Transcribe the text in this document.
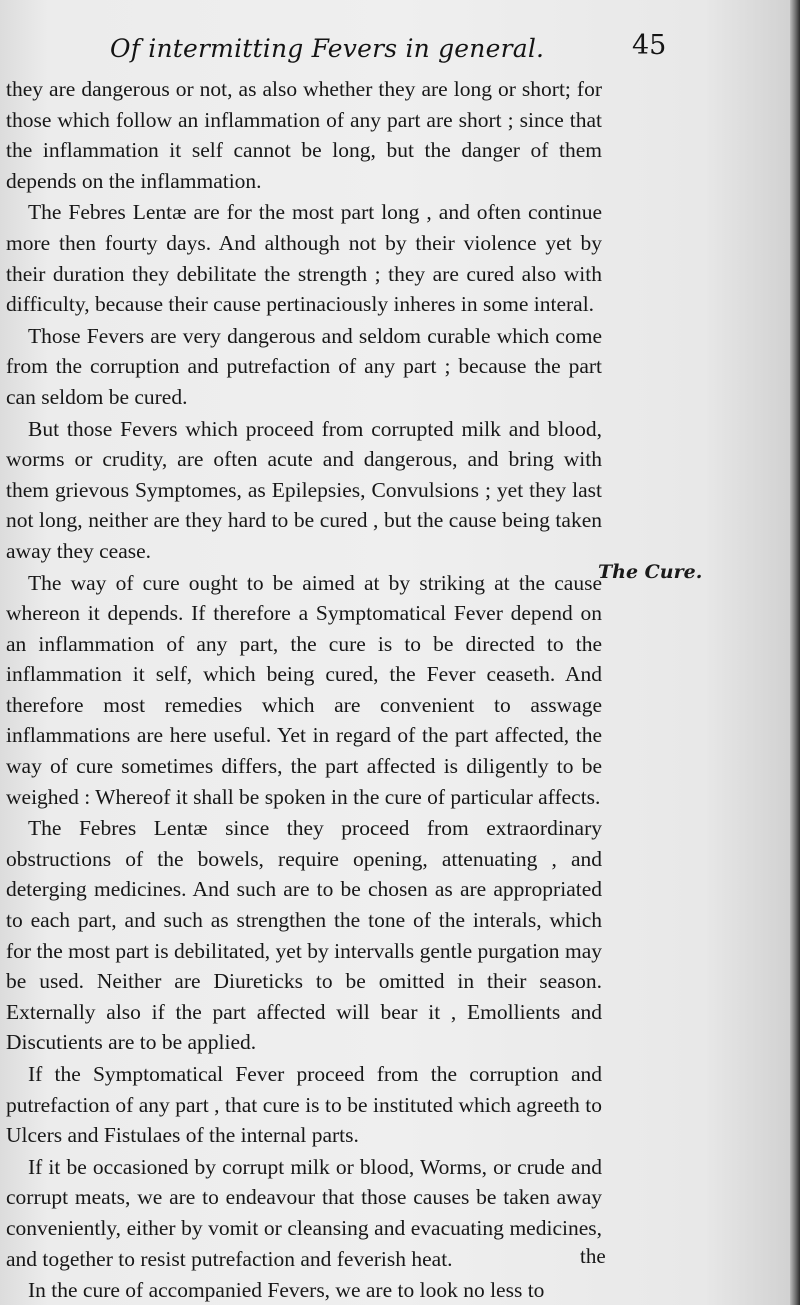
Of intermitting Fevers in general.	45

they are dangerous or not, as also whether they are long or short; for those which follow an inflammation of any part are short ; since that the inflammation it self cannot be long, but the danger of them depends on the inflammation.

The Febres Lentæ are for the most part long , and often continue more then fourty days. And although not by their violence yet by their duration they debilitate the strength ; they are cured also with difficulty, because their cause pertinaciously inheres in some interal.

Those Fevers are very dangerous and seldom curable which come from the corruption and putrefaction of any part ; because the part can seldom be cured.

But those Fevers which proceed from corrupted milk and blood, worms or crudity, are often acute and dangerous, and bring with them grievous Symptomes, as Epilepsies, Convulsions ; yet they last not long, neither are they hard to be cured , but the cause being taken away they cease.

The way of cure ought to be aimed at by striking at the cause whereon it depends. If therefore a Symptomatical Fever depend on an inflammation of any part, the cure is to be directed to the inflammation it self, which being cured, the Fever ceaseth. And therefore most remedies which are convenient to asswage inflammations are here useful. Yet in regard of the part affected, the way of cure sometimes differs, the part affected is diligently to be weighed : Whereof it shall be spoken in the cure of particular affects.

The Febres Lentæ since they proceed from extraordinary obstructions of the bowels, require opening, attenuating , and deterging medicines. And such are to be chosen as are appropriated to each part, and such as strengthen the tone of the interals, which for the most part is debilitated, yet by intervalls gentle purgation may be used. Neither are Diureticks to be omitted in their season. Externally also if the part affected will bear it , Emollients and Discutients are to be applied.

If the Symptomatical Fever proceed from the corruption and putrefaction of any part , that cure is to be instituted which agreeth to Ulcers and Fistulaes of the internal parts.

If it be occasioned by corrupt milk or blood, Worms, or crude and corrupt meats, we are to endeavour that those causes be taken away conveniently, either by vomit or cleansing and evacuating medicines, and together to resist putrefaction and feverish heat.

In the cure of accompanied Fevers, we are to look no less to

The Cure.
the
